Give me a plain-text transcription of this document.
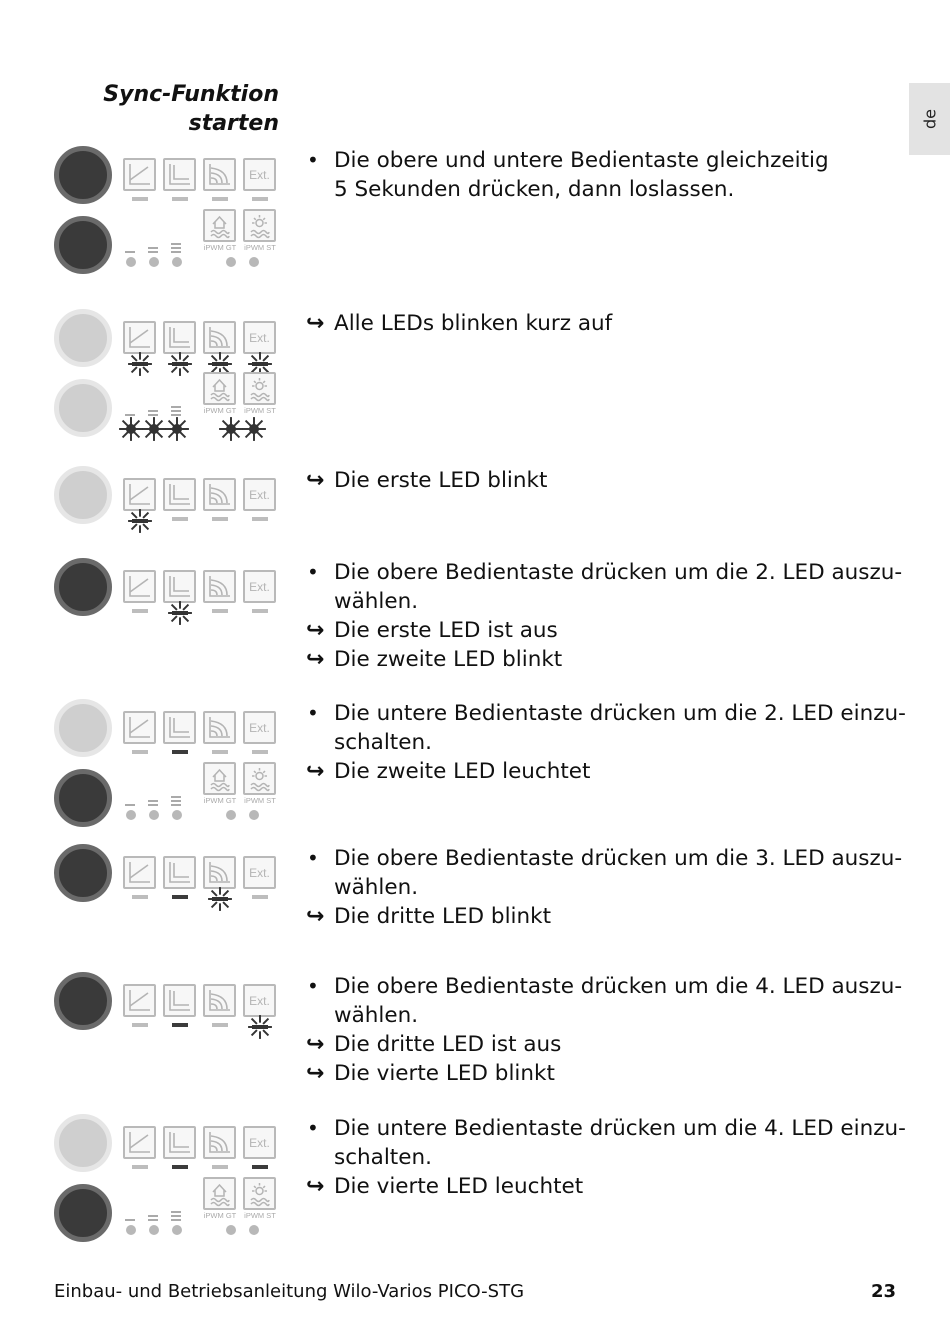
Sync-Funktion
starten	de
Ext.
iPWM GT	iPWM ST
• Die obere und untere Bedientaste gleichzeitig
5 Sekunden drücken, dann loslassen.
Ext.
iPWM GT	iPWM ST
↪ Alle LEDs blinken kurz auf
Ext.
↪ Die erste LED blinkt
Ext.
• Die obere Bedientaste drücken um die 2. LED auszu-
wählen.
↪ Die erste LED ist aus
↪ Die zweite LED blinkt
Ext.
iPWM GT	iPWM ST
• Die untere Bedientaste drücken um die 2. LED einzu-
schalten.
↪ Die zweite LED leuchtet
Ext.
• Die obere Bedientaste drücken um die 3. LED auszu-
wählen.
↪ Die dritte LED blinkt
Ext.
• Die obere Bedientaste drücken um die 4. LED auszu-
wählen.
↪ Die dritte LED ist aus
↪ Die vierte LED blinkt
Ext.
iPWM GT	iPWM ST
• Die untere Bedientaste drücken um die 4. LED einzu-
schalten.
↪ Die vierte LED leuchtet
Einbau- und Betriebsanleitung Wilo-Varios PICO-STG	23
